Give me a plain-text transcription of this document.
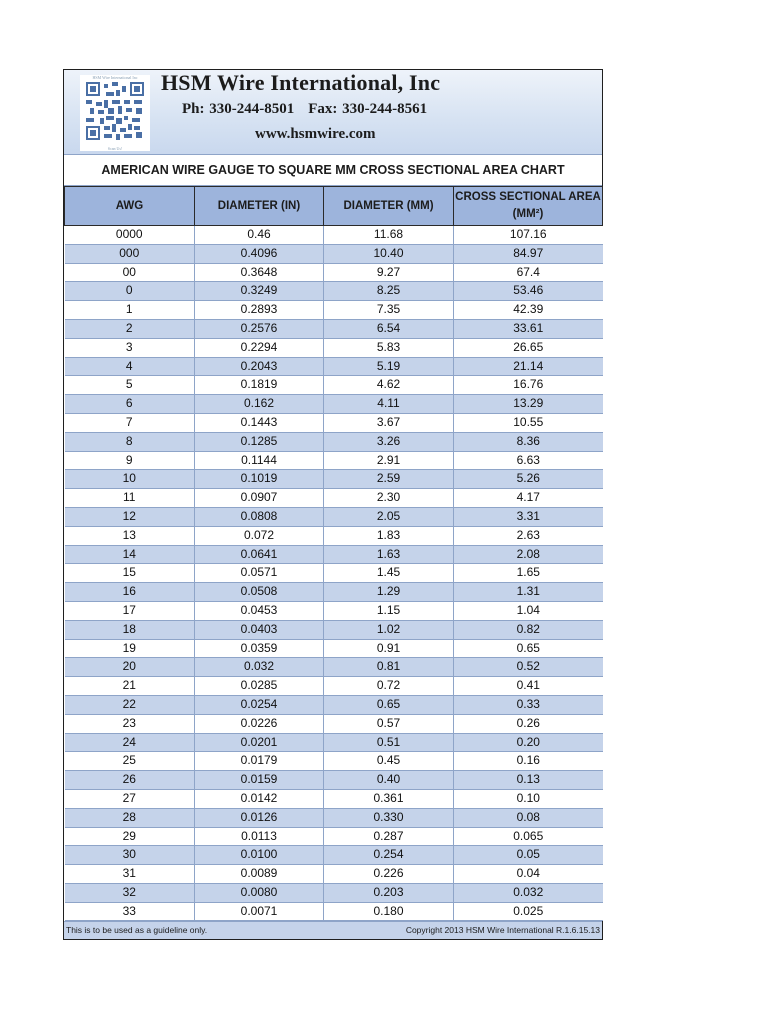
HSM Wire International Inc
Scan Us!
HSM Wire International, Inc
Ph: 330-244-8501 Fax: 330-244-8561
www.hsmwire.com
AMERICAN WIRE GAUGE TO SQUARE MM CROSS SECTIONAL AREA CHART
AWG	DIAMETER (IN)	DIAMETER (MM)	CROSS SECTIONAL AREA (MM²)
0000	0.46	11.68	107.16
000	0.4096	10.40	84.97
00	0.3648	9.27	67.4
0	0.3249	8.25	53.46
1	0.2893	7.35	42.39
2	0.2576	6.54	33.61
3	0.2294	5.83	26.65
4	0.2043	5.19	21.14
5	0.1819	4.62	16.76
6	0.162	4.11	13.29
7	0.1443	3.67	10.55
8	0.1285	3.26	8.36
9	0.1144	2.91	6.63
10	0.1019	2.59	5.26
11	0.0907	2.30	4.17
12	0.0808	2.05	3.31
13	0.072	1.83	2.63
14	0.0641	1.63	2.08
15	0.0571	1.45	1.65
16	0.0508	1.29	1.31
17	0.0453	1.15	1.04
18	0.0403	1.02	0.82
19	0.0359	0.91	0.65
20	0.032	0.81	0.52
21	0.0285	0.72	0.41
22	0.0254	0.65	0.33
23	0.0226	0.57	0.26
24	0.0201	0.51	0.20
25	0.0179	0.45	0.16
26	0.0159	0.40	0.13
27	0.0142	0.361	0.10
28	0.0126	0.330	0.08
29	0.0113	0.287	0.065
30	0.0100	0.254	0.05
31	0.0089	0.226	0.04
32	0.0080	0.203	0.032
33	0.0071	0.180	0.025
This is to be used as a guideline only.	Copyright 2013 HSM Wire International R.1.6.15.13
